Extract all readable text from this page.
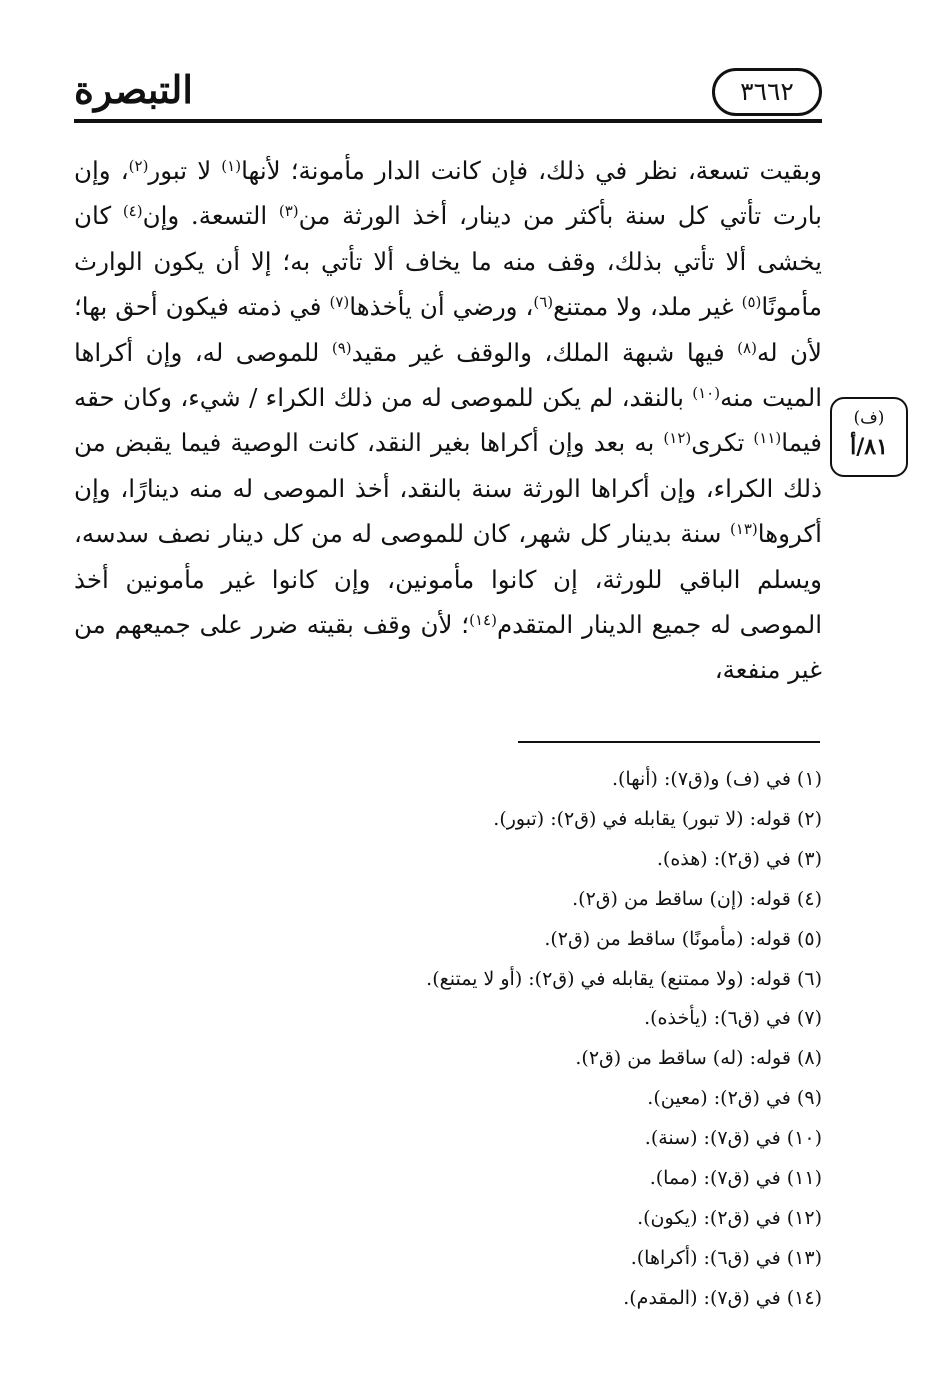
التبصرة	٣٦٦٢

وبقيت تسعة، نظر في ذلك، فإن كانت الدار مأمونة؛ لأنها$^{(١)}$ لا تبور$^{(٢)}$، وإن بارت تأتي كل سنة بأكثر من دينار، أخذ الورثة من$^{(٣)}$ التسعة. وإن$^{(٤)}$ كان يخشى ألا تأتي بذلك، وقف منه ما يخاف ألا تأتي به؛ إلا أن يكون الوارث مأمونًا$^{(٥)}$ غير ملد، ولا ممتنع$^{(٦)}$، ورضي أن يأخذها$^{(٧)}$ في ذمته فيكون أحق بها؛ لأن له$^{(٨)}$ فيها شبهة الملك، والوقف غير مقيد$^{(٩)}$ للموصى له، وإن أكراها الميت منه$^{(١٠)}$ بالنقد، لم يكن للموصى له من ذلك الكراء / شيء، وكان حقه فيما$^{(١١)}$ تكرى$^{(١٢)}$ به بعد وإن أكراها بغير النقد، كانت الوصية فيما يقبض من ذلك الكراء، وإن أكراها الورثة سنة بالنقد، أخذ الموصى له منه دينارًا، وإن أكروها$^{(١٣)}$ سنة بدينار كل شهر، كان للموصى له من كل دينار نصف سدسه، ويسلم الباقي للورثة، إن كانوا مأمونين، وإن كانوا غير مأمونين أخذ الموصى له جميع الدينار المتقدم$^{(١٤)}$؛ لأن وقف بقيته ضرر على جميعهم من غير منفعة،

(ف)
٨١/أ
(١) في (ف) و(ق٧): (أنها).
(٢) قوله: (لا تبور) يقابله في (ق٢): (تبور).
(٣) في (ق٢): (هذه).
(٤) قوله: (إن) ساقط من (ق٢).
(٥) قوله: (مأمونًا) ساقط من (ق٢).
(٦) قوله: (ولا ممتنع) يقابله في (ق٢): (أو لا يمتنع).
(٧) في (ق٦): (يأخذه).
(٨) قوله: (له) ساقط من (ق٢).
(٩) في (ق٢): (معين).
(١٠) في (ق٧): (سنة).
(١١) في (ق٧): (مما).
(١٢) في (ق٢): (يكون).
(١٣) في (ق٦): (أكراها).
(١٤) في (ق٧): (المقدم).
